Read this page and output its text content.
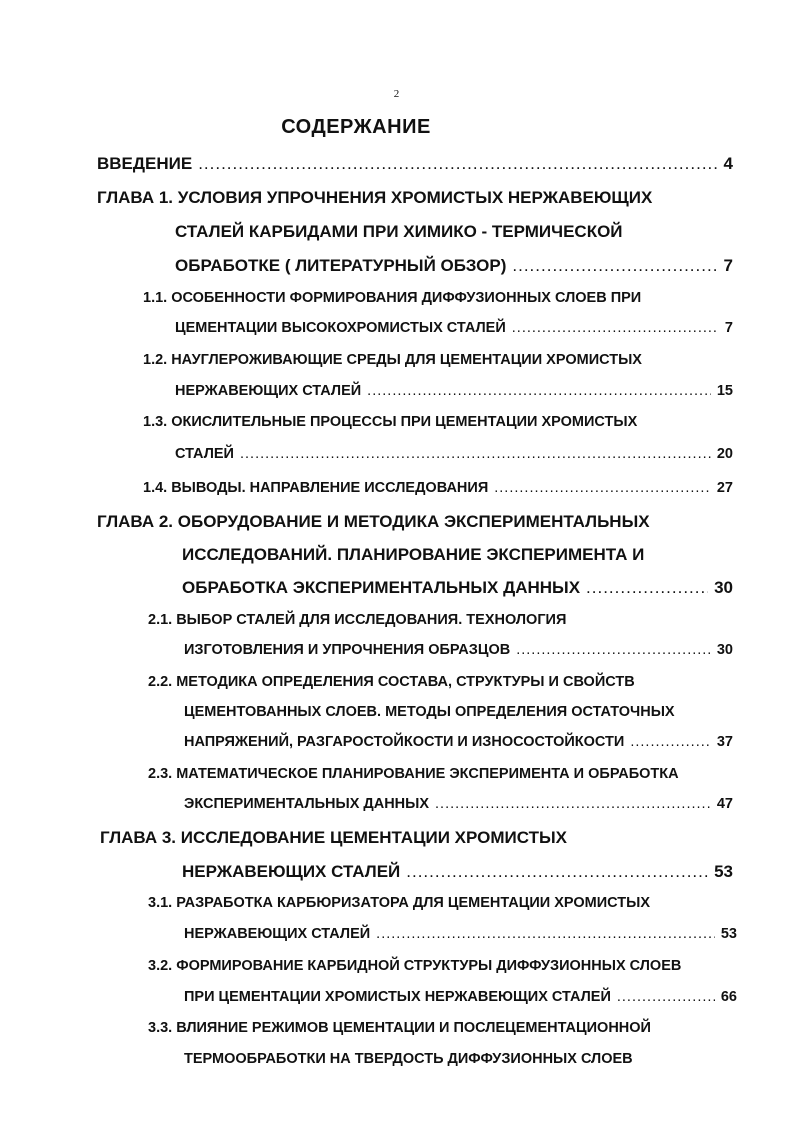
2
СОДЕРЖАНИЕ
ВВЕДЕНИЕ .....	4
ГЛАВА 1. УСЛОВИЯ УПРОЧНЕНИЯ ХРОМИСТЫХ НЕРЖАВЕЮЩИХ
СТАЛЕЙ КАРБИДАМИ ПРИ ХИМИКО - ТЕРМИЧЕСКОЙ
ОБРАБОТКЕ ( ЛИТЕРАТУРНЫЙ ОБЗОР) .....	7
1.1. ОСОБЕННОСТИ ФОРМИРОВАНИЯ ДИФФУЗИОННЫХ СЛОЕВ ПРИ
ЦЕМЕНТАЦИИ ВЫСОКОХРОМИСТЫХ СТАЛЕЙ .....	7
1.2. НАУГЛЕРОЖИВАЮЩИЕ СРЕДЫ ДЛЯ ЦЕМЕНТАЦИИ ХРОМИСТЫХ
НЕРЖАВЕЮЩИХ СТАЛЕЙ .....	15
1.3. ОКИСЛИТЕЛЬНЫЕ ПРОЦЕССЫ ПРИ ЦЕМЕНТАЦИИ ХРОМИСТЫХ
СТАЛЕЙ .....	20
1.4. ВЫВОДЫ. НАПРАВЛЕНИЕ ИССЛЕДОВАНИЯ .....	27
ГЛАВА 2. ОБОРУДОВАНИЕ И МЕТОДИКА ЭКСПЕРИМЕНТАЛЬНЫХ
ИССЛЕДОВАНИЙ. ПЛАНИРОВАНИЕ ЭКСПЕРИМЕНТА И
ОБРАБОТКА ЭКСПЕРИМЕНТАЛЬНЫХ ДАННЫХ .....	30
2.1. ВЫБОР СТАЛЕЙ ДЛЯ ИССЛЕДОВАНИЯ. ТЕХНОЛОГИЯ
ИЗГОТОВЛЕНИЯ И УПРОЧНЕНИЯ ОБРАЗЦОВ .....	30
2.2. МЕТОДИКА ОПРЕДЕЛЕНИЯ СОСТАВА, СТРУКТУРЫ И СВОЙСТВ
ЦЕМЕНТОВАННЫХ СЛОЕВ. МЕТОДЫ ОПРЕДЕЛЕНИЯ ОСТАТОЧНЫХ
НАПРЯЖЕНИЙ, РАЗГАРОСТОЙКОСТИ И ИЗНОСОСТОЙКОСТИ .....	37
2.3. МАТЕМАТИЧЕСКОЕ ПЛАНИРОВАНИЕ ЭКСПЕРИМЕНТА И ОБРАБОТКА
ЭКСПЕРИМЕНТАЛЬНЫХ ДАННЫХ .....	47
ГЛАВА 3. ИССЛЕДОВАНИЕ ЦЕМЕНТАЦИИ ХРОМИСТЫХ
НЕРЖАВЕЮЩИХ СТАЛЕЙ .....	53
3.1. РАЗРАБОТКА КАРБЮРИЗАТОРА ДЛЯ ЦЕМЕНТАЦИИ ХРОМИСТЫХ
НЕРЖАВЕЮЩИХ СТАЛЕЙ .....	53
3.2. ФОРМИРОВАНИЕ КАРБИДНОЙ СТРУКТУРЫ ДИФФУЗИОННЫХ СЛОЕВ
ПРИ ЦЕМЕНТАЦИИ ХРОМИСТЫХ НЕРЖАВЕЮЩИХ СТАЛЕЙ .....	66
3.3. ВЛИЯНИЕ РЕЖИМОВ ЦЕМЕНТАЦИИ И ПОСЛЕЦЕМЕНТАЦИОННОЙ
ТЕРМООБРАБОТКИ НА ТВЕРДОСТЬ ДИФФУЗИОННЫХ СЛОЕВ
